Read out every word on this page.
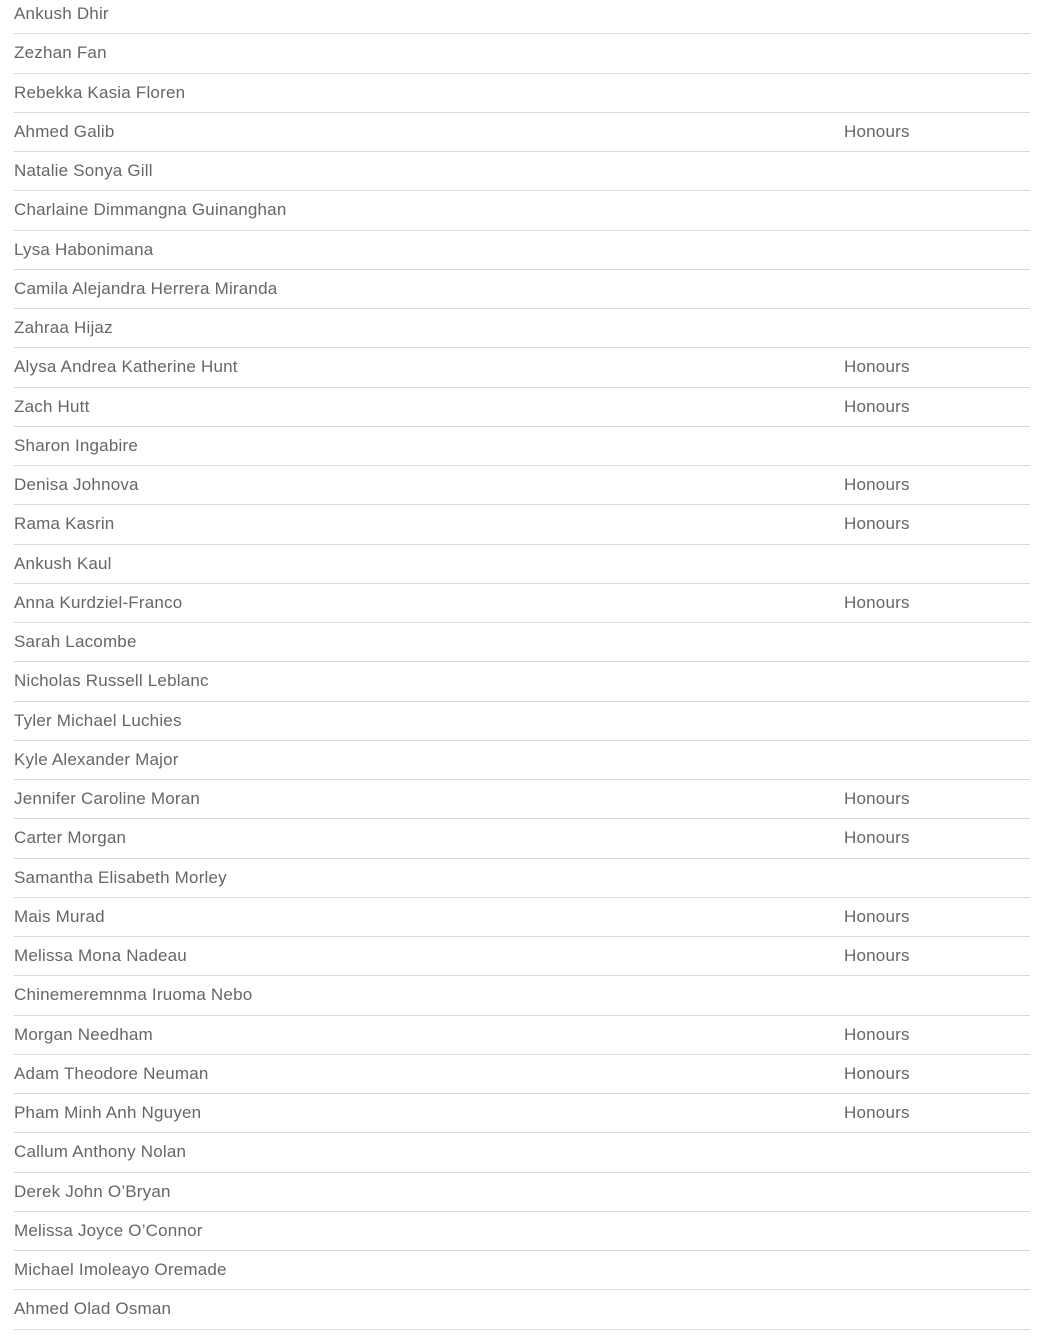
Ankush Dhir
Zezhan Fan
Rebekka Kasia Floren
Ahmed Galib	Honours
Natalie Sonya Gill
Charlaine Dimmangna Guinanghan
Lysa Habonimana
Camila Alejandra Herrera Miranda
Zahraa Hijaz
Alysa Andrea Katherine Hunt	Honours
Zach Hutt	Honours
Sharon Ingabire
Denisa Johnova	Honours
Rama Kasrin	Honours
Ankush Kaul
Anna Kurdziel-Franco	Honours
Sarah Lacombe
Nicholas Russell Leblanc
Tyler Michael Luchies
Kyle Alexander Major
Jennifer Caroline Moran	Honours
Carter Morgan	Honours
Samantha Elisabeth Morley
Mais Murad	Honours
Melissa Mona Nadeau	Honours
Chinemeremnma Iruoma Nebo
Morgan Needham	Honours
Adam Theodore Neuman	Honours
Pham Minh Anh Nguyen	Honours
Callum Anthony Nolan
Derek John O’Bryan
Melissa Joyce O’Connor
Michael Imoleayo Oremade
Ahmed Olad Osman
